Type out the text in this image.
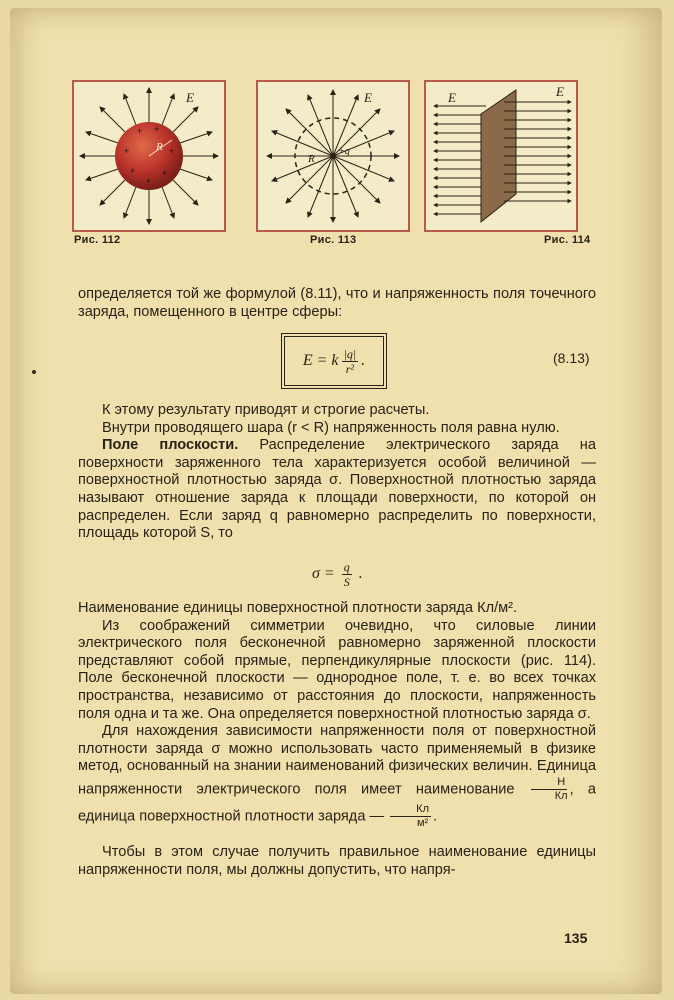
+ +
+	+
+	+
+
R
E
R
+q
E	E	E
Рис. 112	Рис. 113	Рис. 114

определяется той же формулой (8.11), что и напряженность поля точечного заряда, помещенного в центре сферы:

E = k $\frac{|q|}{\text{r²}}$ .	(8.13)

К этому результату приводят и строгие расчеты.

Внутри проводящего шара (r < R) напряженность поля равна нулю.

Поле плоскости. Распределение электрического заряда на поверхности заряженного тела характеризуется особой величиной — поверхностной плотностью заряда σ. Поверхностной плотностью заряда называют отношение заряда к площади поверхности, по которой он распределен. Если заряд q равномерно распределить по поверхности, площадь которой S, то

$\sigma = \frac{q}{S}$ .

Наименование единицы поверхностной плотности заряда Кл/м².

Из соображений симметрии очевидно, что силовые линии электрического поля бесконечной равномерно заряженной плоскости представляют собой прямые, перпендикулярные плоскости (рис. 114). Поле бесконечной плоскости — однородное поле, т. е. во всех точках пространства, независимо от расстояния до плоскости, напряженность поля одна и та же. Она определяется поверхностной плотностью заряда σ.

Для нахождения зависимости напряженности поля от поверхностной плотности заряда σ можно использовать часто применяемый в физике метод, основанный на знании наименований физических величин. Единица напряженности электрического поля имеет наименование	Н
Кл , а единица поверхностной плотности заряда —	Кл
м² .

Чтобы в этом случае получить правильное наименование единицы напряженности поля, мы должны допустить, что напря-

135
